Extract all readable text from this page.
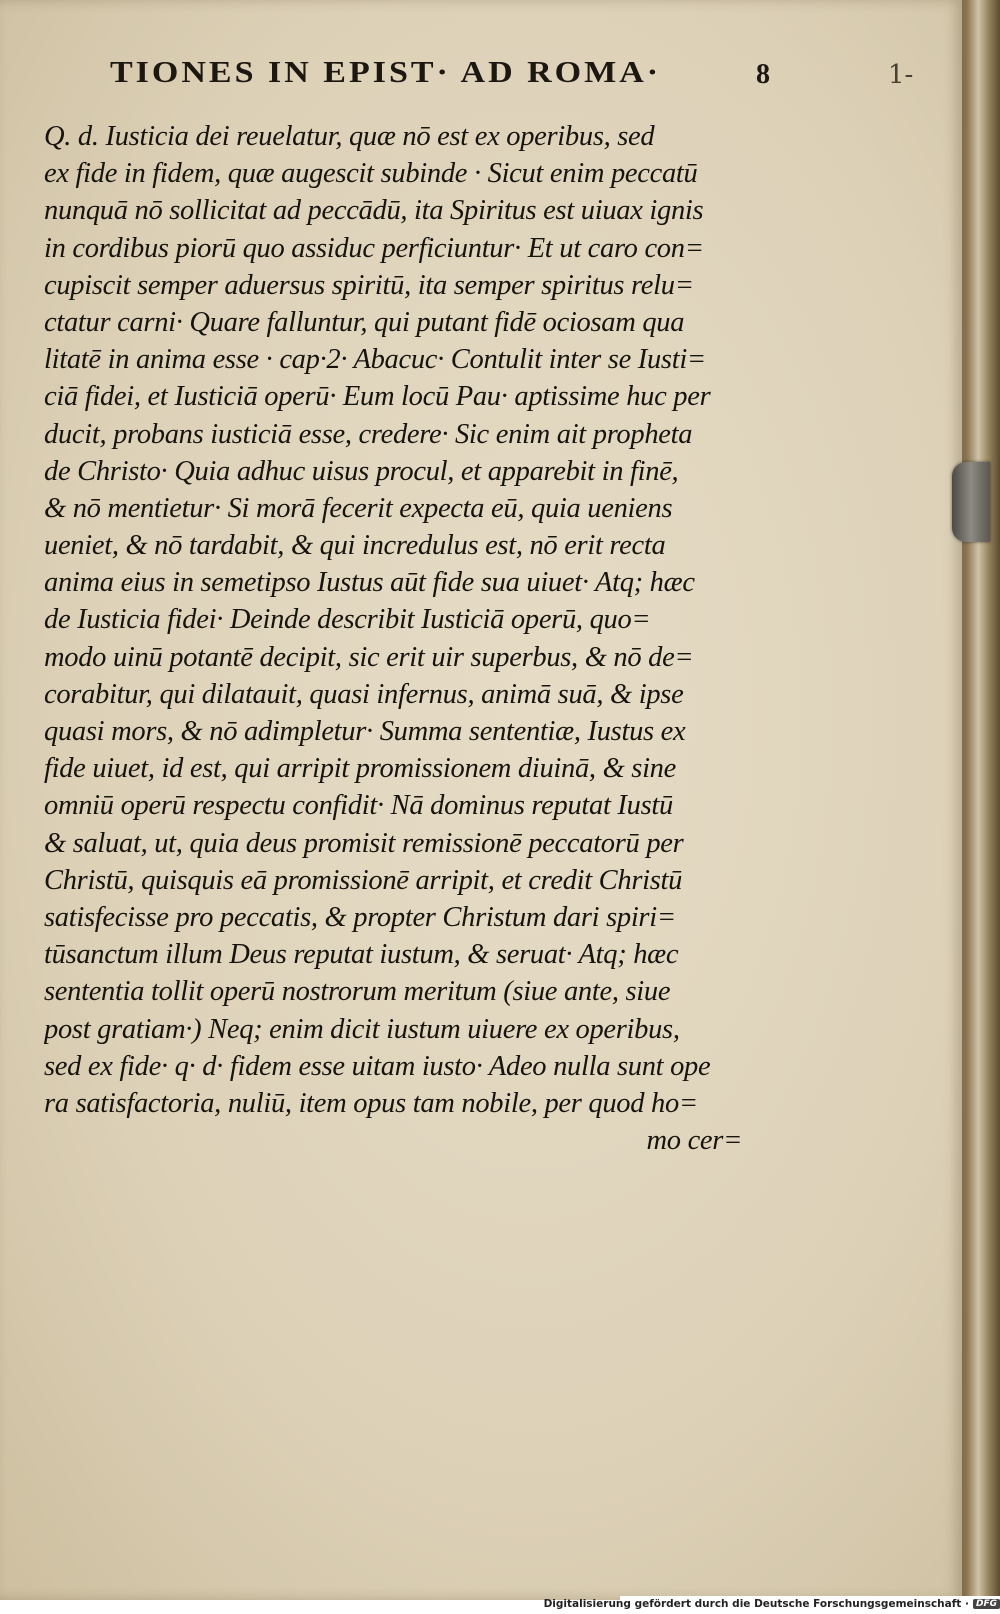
TIONES IN EPIST· AD ROMA·	8	1-
Q. d. Iusticia dei reuelatur, quæ nō est ex operibus, sed
ex fide in fidem, quæ augescit subinde · Sicut enim peccatū
nunquā nō sollicitat ad peccādū, ita Spiritus est uiuax ignis
in cordibus piorū quo assiduc perficiuntur· Et ut caro con=
cupiscit semper aduersus spiritū, ita semper spiritus relu=
ctatur carni· Quare falluntur, qui putant fidē ociosam qua
litatē in anima esse · cap·2· Abacuc· Contulit inter se Iusti=
ciā fidei, et Iusticiā operū· Eum locū Pau· aptissime huc per
ducit, probans iusticiā esse, credere· Sic enim ait propheta
de Christo· Quia adhuc uisus procul, et apparebit in finē,
& nō mentietur· Si morā fecerit expecta eū, quia ueniens
ueniet, & nō tardabit, & qui incredulus est, nō erit recta
anima eius in semetipso Iustus aūt fide sua uiuet· Atq; hæc
de Iusticia fidei· Deinde describit Iusticiā operū, quo=
modo uinū potantē decipit, sic erit uir superbus, & nō de=
corabitur, qui dilatauit, quasi infernus, animā suā, & ipse
quasi mors, & nō adimpletur· Summa sententiæ, Iustus ex
fide uiuet, id est, qui arripit promissionem diuinā, & sine
omniū operū respectu confidit· Nā dominus reputat Iustū
& saluat, ut, quia deus promisit remissionē peccatorū per
Christū, quisquis eā promissionē arripit, et credit Christū
satisfecisse pro peccatis, & propter Christum dari spiri=
tūsanctum illum Deus reputat iustum, & seruat· Atq; hæc
sententia tollit operū nostrorum meritum (siue ante, siue
post gratiam·) Neq; enim dicit iustum uiuere ex operibus,
sed ex fide· q· d· fidem esse uitam iusto· Adeo nulla sunt ope
ra satisfactoria, nuliū, item opus tam nobile, per quod ho=
mo cer=
Digitalisierung gefördert durch die Deutsche Forschungsgemeinschaft · DFG
